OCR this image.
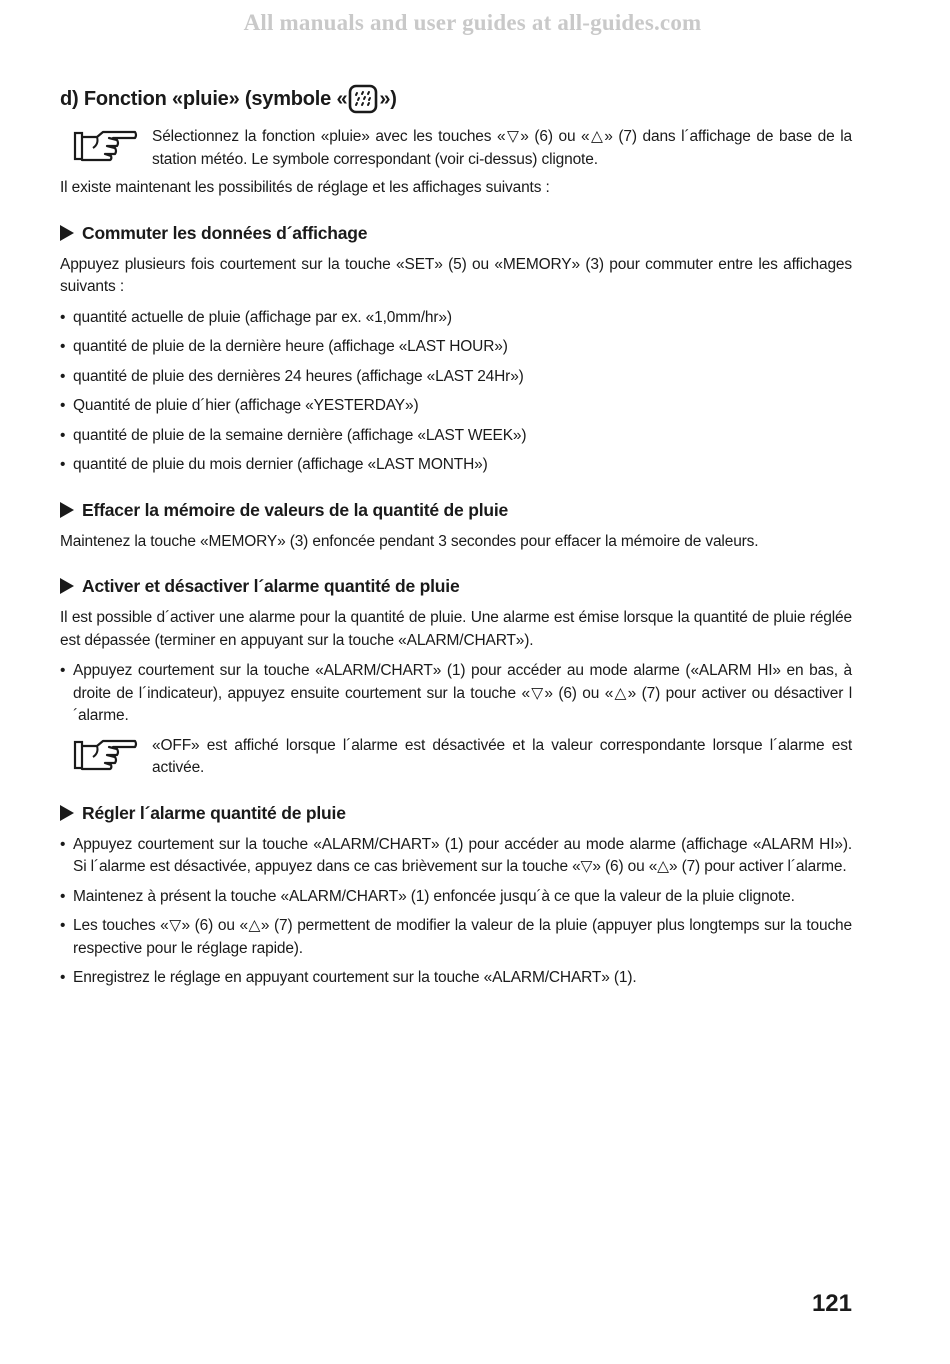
All manuals and user guides at all-guides.com
d) Fonction «pluie» (symbole « »)

Sélectionnez la fonction «pluie» avec les touches «▽» (6) ou «△» (7) dans l´affichage de base de la station météo. Le symbole correspondant (voir ci-dessus) clignote.

Il existe maintenant les possibilités de réglage et les affichages suivants :

Commuter les données d´affichage

Appuyez plusieurs fois courtement sur la touche «SET» (5) ou «MEMORY» (3) pour commuter entre les affichages suivants :

• quantité actuelle de pluie (affichage par ex. «1,0mm/hr»)
• quantité de pluie de la dernière heure (affichage «LAST HOUR»)
• quantité de pluie des dernières 24 heures (affichage «LAST 24Hr»)
• Quantité de pluie d´hier (affichage «YESTERDAY»)
• quantité de pluie de la semaine dernière (affichage «LAST WEEK»)
• quantité de pluie du mois dernier (affichage «LAST MONTH»)
Effacer la mémoire de valeurs de la quantité de pluie

Maintenez la touche «MEMORY» (3) enfoncée pendant 3 secondes pour effacer la mémoire de valeurs.

Activer et désactiver l´alarme quantité de pluie

Il est possible d´activer une alarme pour la quantité de pluie. Une alarme est émise lorsque la quantité de pluie réglée est dépassée (terminer en appuyant sur la touche «ALARM/CHART»).

• Appuyez courtement sur la touche «ALARM/CHART» (1) pour accéder au mode alarme («ALARM HI» en bas, à droite de l´indicateur), appuyez ensuite courtement sur la touche «▽» (6) ou «△» (7) pour activer ou désactiver l´alarme.

«OFF» est affiché lorsque l´alarme est désactivée et la valeur correspondante lorsque l´alarme est activée.

Régler l´alarme quantité de pluie
• Appuyez courtement sur la touche «ALARM/CHART» (1) pour accéder au mode alarme (affichage «ALARM HI»). Si l´alarme est désactivée, appuyez dans ce cas brièvement sur la touche «▽» (6) ou «△» (7) pour activer l´alarme.
• Maintenez à présent la touche «ALARM/CHART» (1) enfoncée jusqu´à ce que la valeur de la pluie clignote.
• Les touches «▽» (6) ou «△» (7) permettent de modifier la valeur de la pluie (appuyer plus longtemps sur la touche respective pour le réglage rapide).
• Enregistrez le réglage en appuyant courtement sur la touche «ALARM/CHART» (1).
121
